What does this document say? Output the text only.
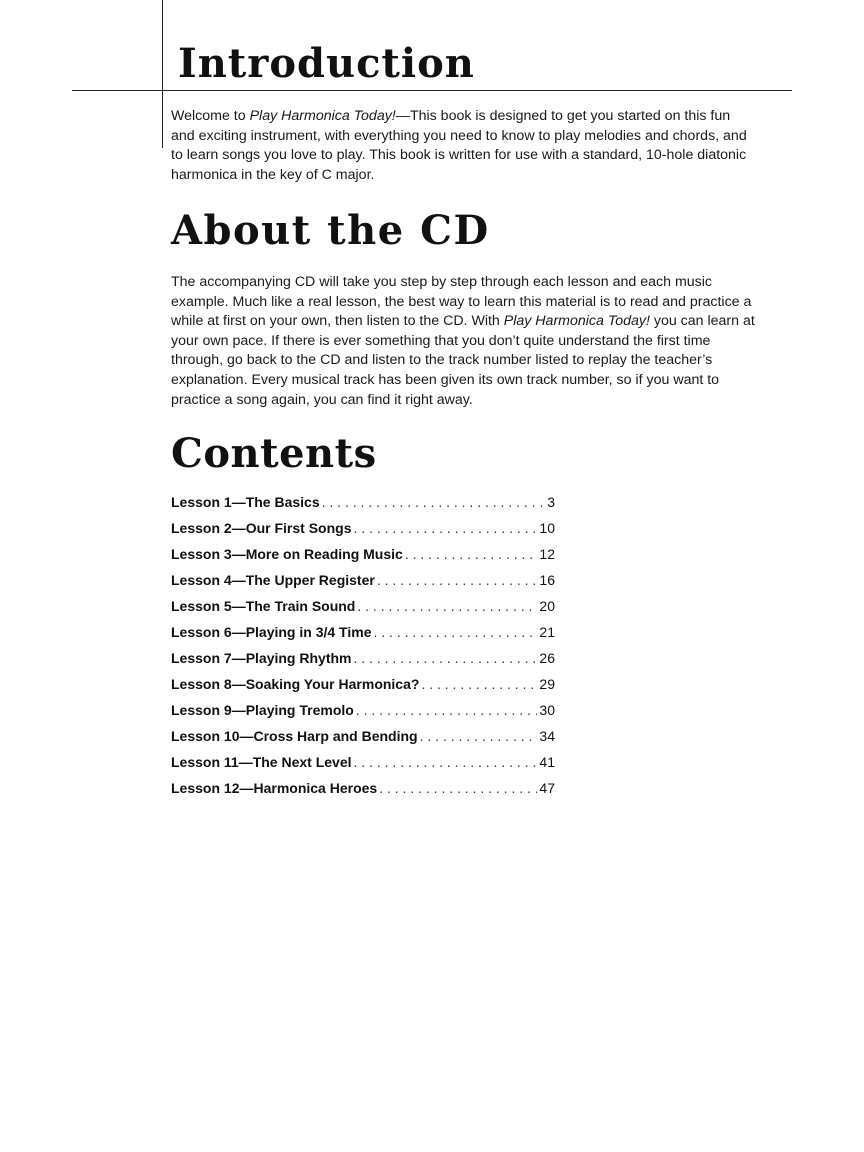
Introduction

Welcome to Play Harmonica Today!—This book is designed to get you started on this fun and exciting instrument, with everything you need to know to play melodies and chords, and to learn songs you love to play. This book is written for use with a standard, 10-hole diatonic harmonica in the key of C major.

About the CD

The accompanying CD will take you step by step through each lesson and each music example. Much like a real lesson, the best way to learn this material is to read and practice a while at first on your own, then listen to the CD. With Play Harmonica Today! you can learn at your own pace. If there is ever something that you don’t quite understand the first time through, go back to the CD and listen to the track number listed to replay the teacher’s explanation. Every musical track has been given its own track number, so if you want to practice a song again, you can find it right away.

Contents
Lesson 1—The Basics . . .	3
Lesson 2—Our First Songs . . .	10
Lesson 3—More on Reading Music . . .	12
Lesson 4—The Upper Register . . .	16
Lesson 5—The Train Sound . . .	20
Lesson 6—Playing in 3/4 Time . . .	21
Lesson 7—Playing Rhythm . . .	26
Lesson 8—Soaking Your Harmonica? . . .	29
Lesson 9—Playing Tremolo . . .	30
Lesson 10—Cross Harp and Bending . . .	34
Lesson 11—The Next Level . . .	41
Lesson 12—Harmonica Heroes . . .	47
